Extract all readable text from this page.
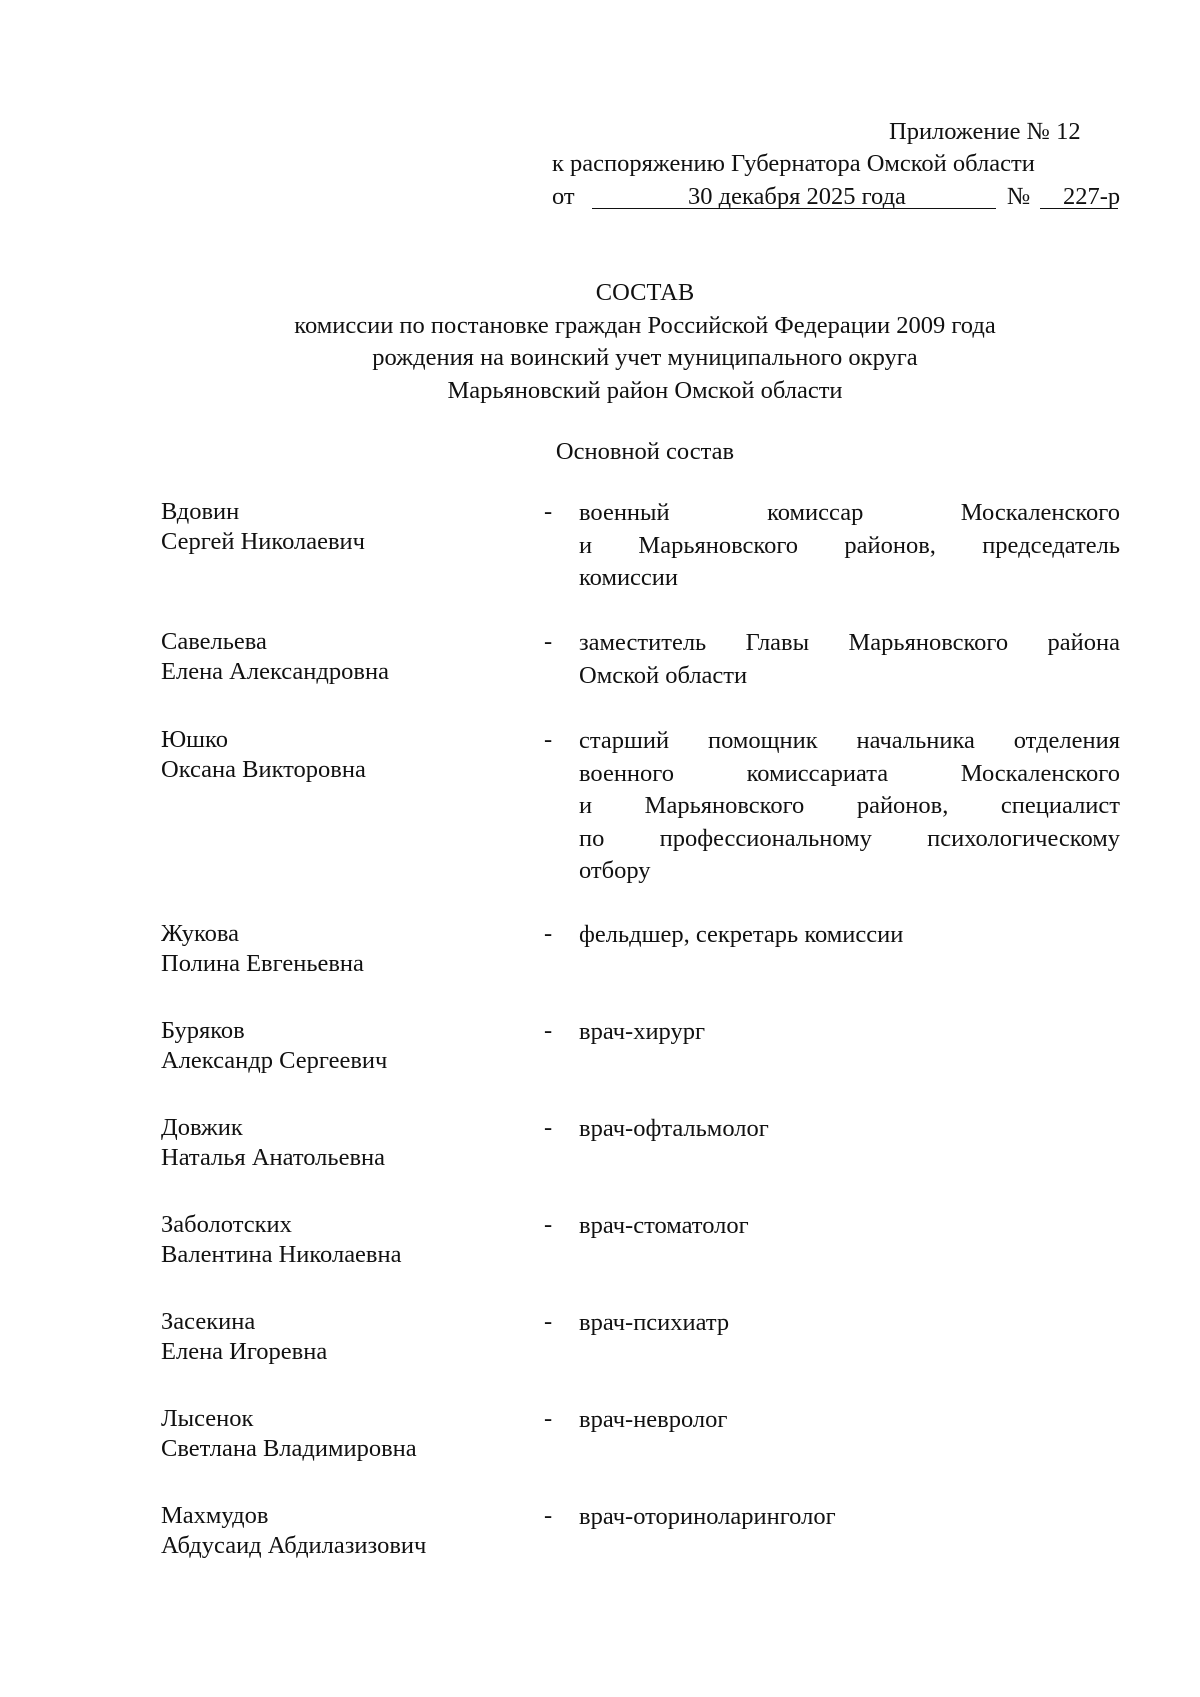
Приложение № 12
к распоряжению Губернатора Омской области
от	30 декабря 2025 года	№ 227-р
СОСТАВ
комиссии по постановке граждан Российской Федерации 2009 года
рождения на воинский учет муниципального округа
Марьяновский район Омской области
Основной состав
Вдовин
Сергей Николаевич
- военный комиссар Москаленского
и Марьяновского районов, председатель
комиссии
Савельева
Елена Александровна
- заместитель Главы Марьяновского района
Омской области
Юшко
Оксана Викторовна
- старший помощник начальника отделения
военного комиссариата Москаленского
и Марьяновского районов, специалист
по профессиональному психологическому
отбору
Жукова
Полина Евгеньевна
- фельдшер, секретарь комиссии
Буряков
Александр Сергеевич
- врач-хирург
Довжик
Наталья Анатольевна
- врач-офтальмолог
Заболотских
Валентина Николаевна
- врач-стоматолог
Засекина
Елена Игоревна
- врач-психиатр
Лысенок
Светлана Владимировна
- врач-невролог
Махмудов
Абдусаид Абдилазизович
- врач-оториноларинголог
